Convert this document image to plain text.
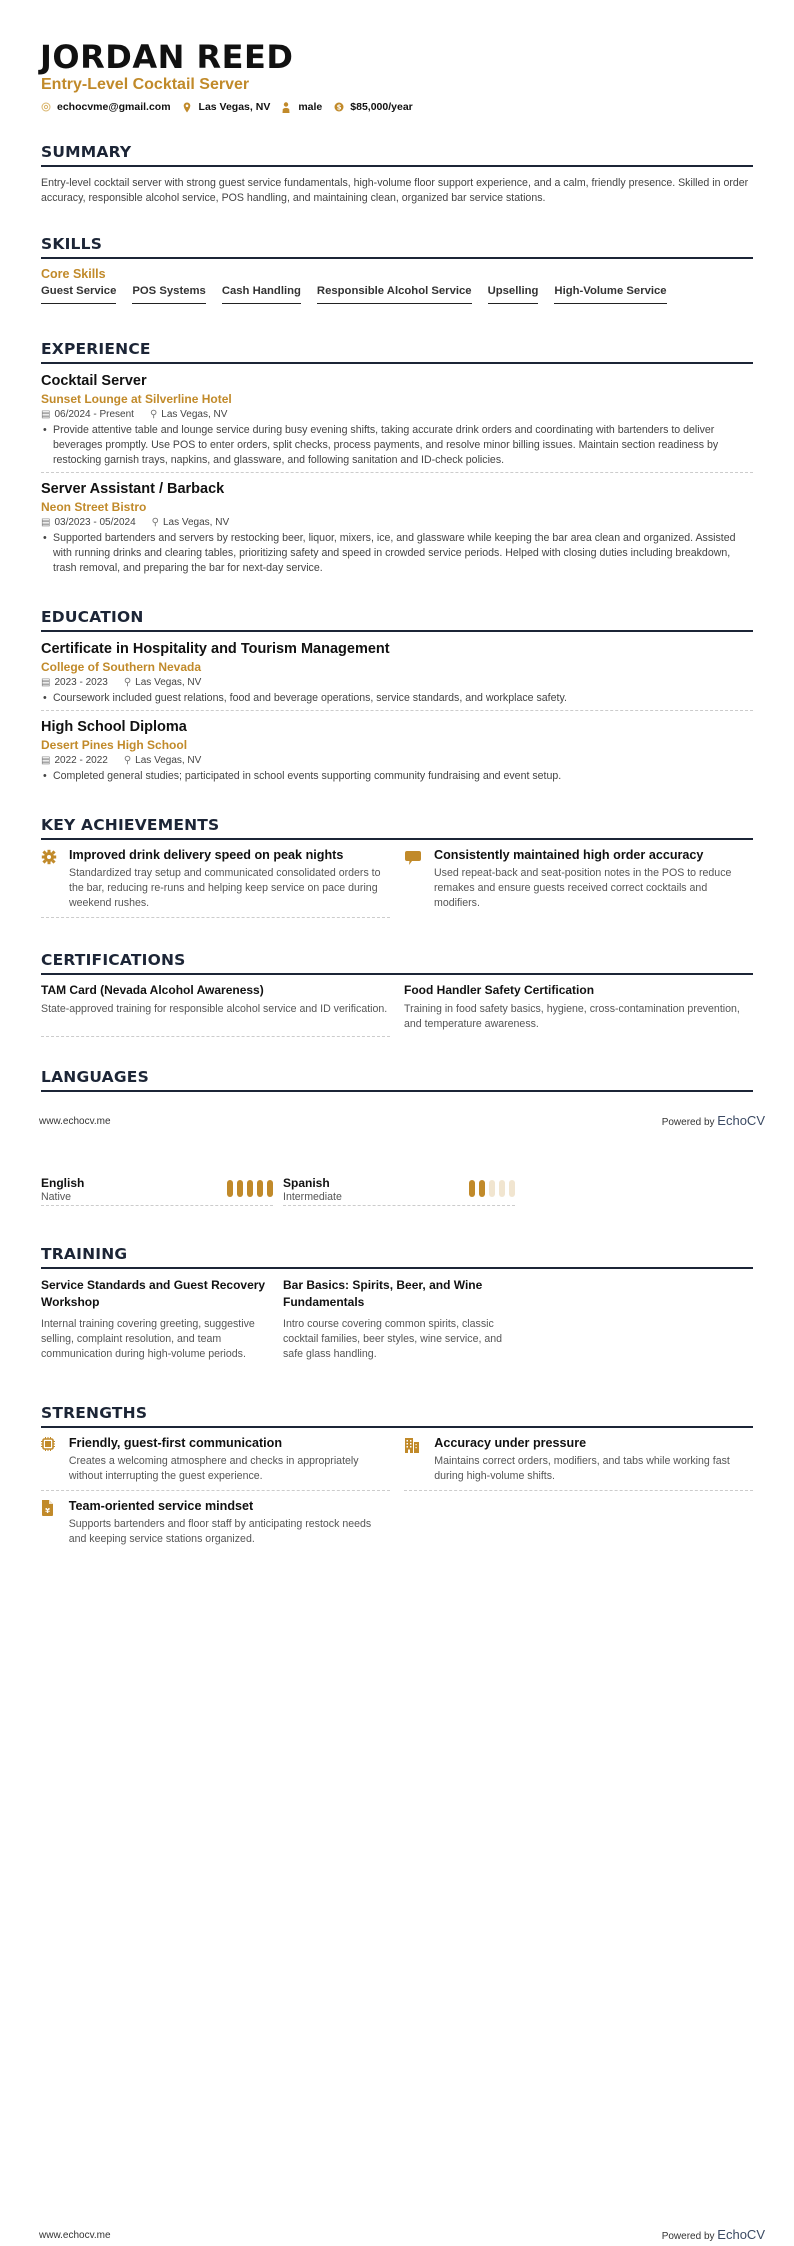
JORDAN REED
Entry-Level Cocktail Server
echocvme@gmail.com	Las Vegas, NV	male $ $85,000/year
SUMMARY
Entry-level cocktail server with strong guest service fundamentals, high-volume floor support experience, and a calm, friendly presence. Skilled in order accuracy, responsible alcohol service, POS handling, and maintaining clean, organized bar service stations.
SKILLS
Core Skills
Guest Service POS Systems Cash Handling Responsible Alcohol Service Upselling High-Volume Service
EXPERIENCE
Cocktail Server
Sunset Lounge at Silverline Hotel
▤ 06/2024 - Present ⚲ Las Vegas, NV
• Provide attentive table and lounge service during busy evening shifts, taking accurate drink orders and coordinating with bartenders to deliver beverages promptly. Use POS to enter orders, split checks, process payments, and resolve minor billing issues. Maintain section readiness by restocking garnish trays, napkins, and glassware, and following sanitation and ID-check policies.
Server Assistant / Barback
Neon Street Bistro
▤ 03/2023 - 05/2024 ⚲ Las Vegas, NV
• Supported bartenders and servers by restocking beer, liquor, mixers, ice, and glassware while keeping the bar area clean and organized. Assisted with running drinks and clearing tables, prioritizing safety and speed in crowded service periods. Helped with closing duties including breakdown, trash removal, and preparing the bar for next-day service.
EDUCATION
Certificate in Hospitality and Tourism Management
College of Southern Nevada
▤ 2023 - 2023 ⚲ Las Vegas, NV
• Coursework included guest relations, food and beverage operations, service standards, and workplace safety.
High School Diploma
Desert Pines High School
▤ 2022 - 2022 ⚲ Las Vegas, NV
• Completed general studies; participated in school events supporting community fundraising and event setup.
KEY ACHIEVEMENTS
Improved drink delivery speed on peak nights
Standardized tray setup and communicated consolidated orders to the bar, reducing re-runs and helping keep service on pace during weekend rushes.
Consistently maintained high order accuracy
Used repeat-back and seat-position notes in the POS to reduce remakes and ensure guests received correct cocktails and modifiers.
CERTIFICATIONS
TAM Card (Nevada Alcohol Awareness)
State-approved training for responsible alcohol service and ID verification.
Food Handler Safety Certification
Training in food safety basics, hygiene, cross-contamination prevention, and temperature awareness.
LANGUAGES
www.echocv.me	Powered by EchoCV
English
Native
Spanish
Intermediate
TRAINING
Service Standards and Guest Recovery Workshop
Internal training covering greeting, suggestive selling, complaint resolution, and team communication during high-volume periods.
Bar Basics: Spirits, Beer, and Wine Fundamentals
Intro course covering common spirits, classic cocktail families, beer styles, wine service, and safe glass handling.
STRENGTHS
Friendly, guest-first communication
Creates a welcoming atmosphere and checks in appropriately without interrupting the guest experience.
Accuracy under pressure
Maintains correct orders, modifiers, and tabs while working fast during high-volume shifts.
¥ Team-oriented service mindset
Supports bartenders and floor staff by anticipating restock needs and keeping service stations organized.
www.echocv.me	Powered by EchoCV
